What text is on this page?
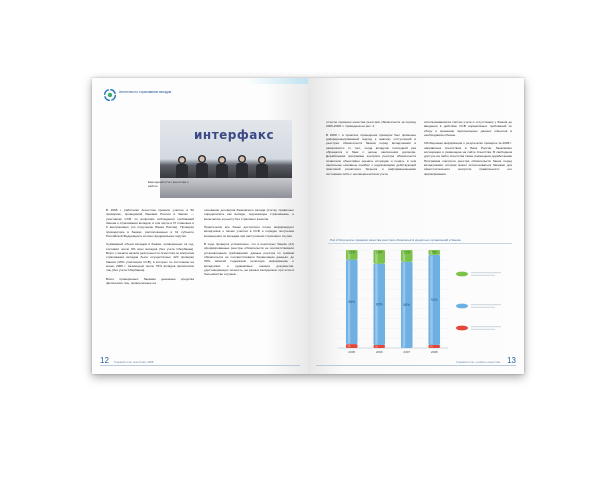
Агентство по страхованию вкладов
интерфакс
Ежегодный отчет агентства о работе

В 2008 г. работники Агентства провели участие в 56 проверках, проводимой банками России в банках — участниках ССВ, по вопросам соблюдения требований Закона о страховании вкладов, в том числе в 37 плановых и 9 внеплановых (по поручению Банка России). Проверки проводились в банках, расположенных в 31 субъекте Российской Федерации и во всех федеральных округах.

Суммарный объем вкладов в банках, проверенных за год, составил около 9% всех вкладов (без учета Сбербанка). Всего с начала начала деятельности Агентства по вопросам страхования вкладов было осуществлено 423 проверки банков (46% участников ССВ), в которых по состоянию на конец 2008 г. размещено около 76% вкладов физических лиц (без учета Сбербанка).

Всего проверенных банками денежные средства физических лиц, привлеченные на

основании договоров банковского вклада (счета), правильно определялись как вклады, подлежащие страхованию, и включались в реестр без страховых взносов.

Практически все банки достаточно полно информируют вкладчиков о своем участии в ССВ и порядке получения возмещения по вкладам при наступлении страхового случая.

В ходе проверок установлено, что в некоторых банках (41) сформированные реестры обязательств не соответствовали установленным требованиям: данные реестра по суммам обязательств не соответствовали балансовым данным, до 30% записей содержали неполную информацию о вкладчиках и одинаковые номера документов, удостоверяющих личность, на разных вкладчиков; при этом в большинстве случаев...

12 Годовой отчет агентства, 2008

отчетов проверок качества реестров обязательств за период 2005-2008 гг. приведена на рис. 2.

В 2008 г. в практике проведения проверок был применен дифференцированный подход к анализу отступлений в реестрах обязательств банков перед вкладчиками в зависимости от того, когда вкладчик последний раз обращался в банк с целью заключения договора. Дорабатывая программы контроля реестра обязательств позволило объективно оценить ситуацию и понять, в чем заключены основные ошибки: с надлежащими действующей практикой розничного бизнеса и информационными системами либо с несовершенством учета

использовавшихся систем учета и отсутствием у банков до введения в действие ССВ нормативных требований по сбору и хранению персональных данных клиентов в необходимом объеме.

Обобщенная информация о результатах проверок за 2008 г. направлена Агентством в Банк России, банковские ассоциации и размещена на сайте Агентства. В свободном доступе на сайте Агентства также размещена доработанная Программа контроля реестра обязательств банка перед вкладчиками, которая может использоваться банками для самостоятельного контроля правильности его формирования.

Рис.2 Результаты проверки качества реестров обязательств кредитных организаций в банках
86%
10%
2005
83%
14%
2006
88%
12%
2007
92%
5%
2008
Годовой отчет о работе агентства 13
